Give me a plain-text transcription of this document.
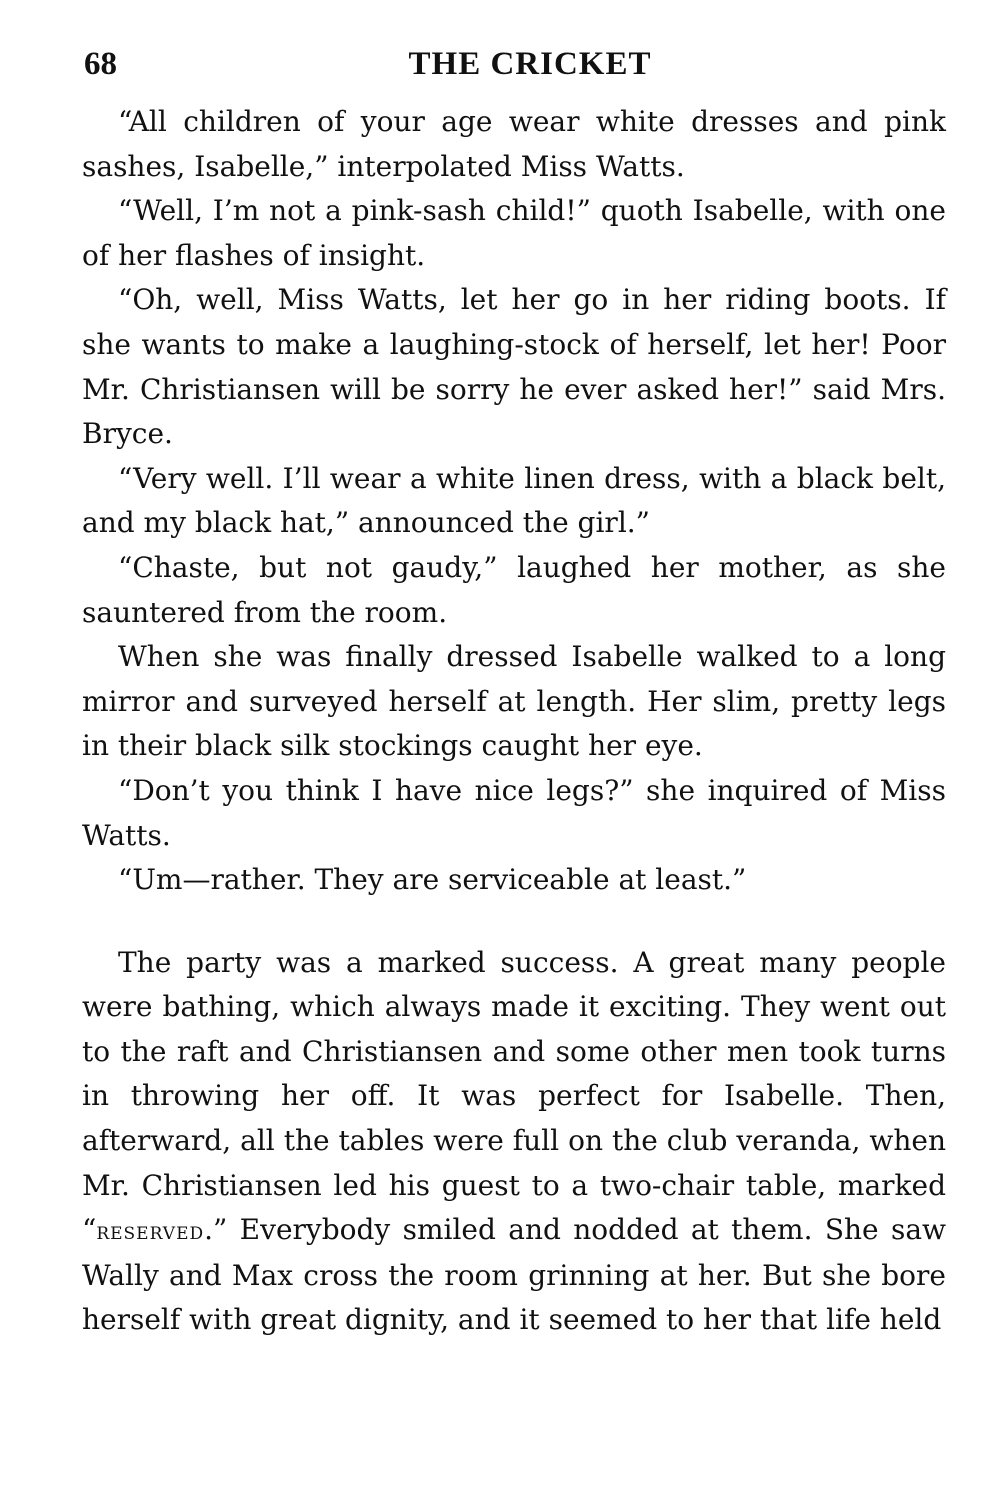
68	THE CRICKET

“All children of your age wear white dresses and pink sashes, Isabelle,” interpolated Miss Watts.

“Well, I’m not a pink-sash child!” quoth Isabelle, with one of her flashes of insight.

“Oh, well, Miss Watts, let her go in her riding boots. If she wants to make a laughing-stock of herself, let her! Poor Mr. Christiansen will be sorry he ever asked her!” said Mrs. Bryce.

“Very well. I’ll wear a white linen dress, with a black belt, and my black hat,” announced the girl.”

“Chaste, but not gaudy,” laughed her mother, as she sauntered from the room.

When she was finally dressed Isabelle walked to a long mirror and surveyed herself at length. Her slim, pretty legs in their black silk stockings caught her eye.

“Don’t you think I have nice legs?” she inquired of Miss Watts.

“Um—rather. They are serviceable at least.”

The party was a marked success. A great many people were bathing, which always made it exciting. They went out to the raft and Christiansen and some other men took turns in throwing her off. It was perfect for Isabelle. Then, afterward, all the tables were full on the club veranda, when Mr. Christiansen led his guest to a two-chair table, marked “reserved.” Everybody smiled and nodded at them. She saw Wally and Max cross the room grinning at her. But she bore herself with great dignity, and it seemed to her that life held
